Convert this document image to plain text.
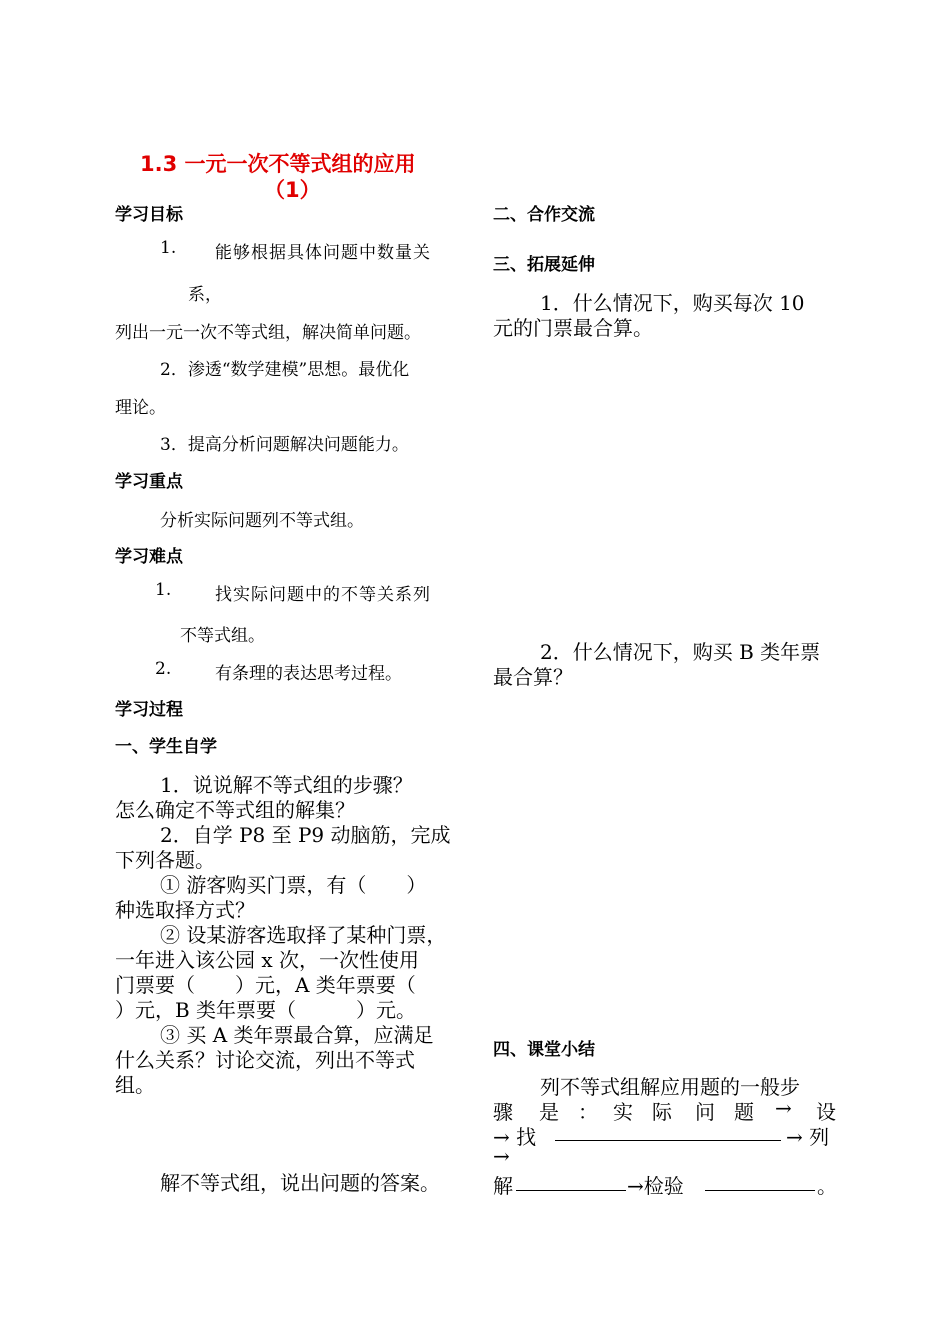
1.3 一元一次不等式组的应用
（1）
学习目标
1. 能够根据具体问题中数量关
系，
列出一元一次不等式组，解决简单问题。
2．渗透“数学建模”思想。最优化
理论。
3．提高分析问题解决问题能力。
学习重点
分析实际问题列不等式组。
学习难点
1.	找实际问题中的不等关系列
不等式组。
2.	有条理的表达思考过程。
学习过程
一、学生自学
1．说说解不等式组的步骤？
怎么确定不等式组的解集？
2．自学 P8 至 P9 动脑筋，完成
下列各题。
① 游客购买门票，有（　　）
种选取择方式？
② 设某游客选取择了某种门票，
一年进入该公园 x 次，一次性使用
门票要（　　）元，A 类年票要（
）元，B 类年票要（　　　）元。
③ 买 A 类年票最合算，应满足
什么关系？讨论交流，列出不等式
组。
解不等式组，说出问题的答案。
二、合作交流
三、拓展延伸
1．什么情况下，购买每次 10
元的门票最合算。
2．什么情况下，购买 B 类年票
最合算？
四、课堂小结
列不等式组解应用题的一般步
骤 是 ： 实 际 问 题 → 设
→ 找	→ 列
→
解	→检验	。
